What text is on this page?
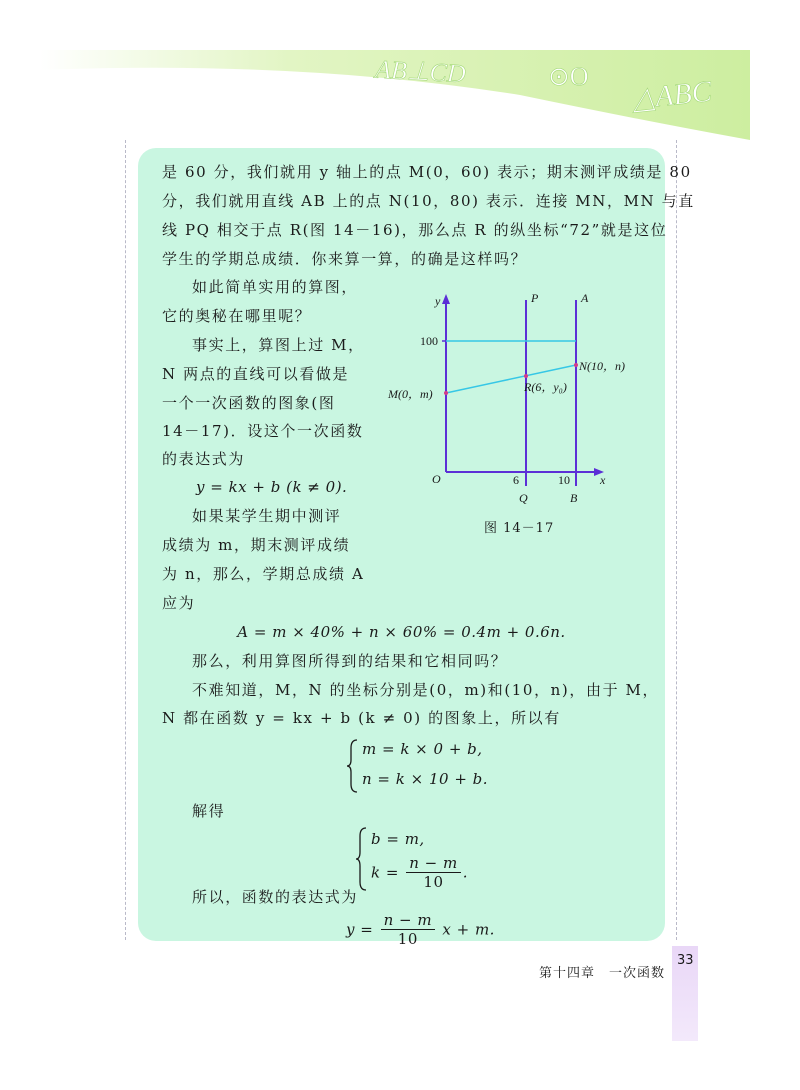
AB⊥CD	⊙O △ABC
是 60 分，我们就用 y 轴上的点 M(0，60) 表示；期末测评成绩是 80
分，我们就用直线 AB 上的点 N(10，80) 表示．连接 MN，MN 与直
线 PQ 相交于点 R(图 14－16)，那么点 R 的纵坐标“72”就是这位
学生的学期总成绩．你来算一算，的确是这样吗？
如此简单实用的算图，
它的奥秘在哪里呢？
事实上，算图上过 M，
N 两点的直线可以看做是
一个一次函数的图象(图
14－17)．设这个一次函数
的表达式为
y = kx + b (k ≠ 0).
如果某学生期中测评
成绩为 m，期末测评成绩
为 n，那么，学期总成绩 A
应为
A = m × 40% + n × 60% = 0.4m + 0.6n.
那么，利用算图所得到的结果和它相同吗？
不难知道，M，N 的坐标分别是(0，m)和(10，n)，由于 M，
N 都在函数 y = kx + b (k ≠ 0) 的图象上，所以有
m = k × 0 + b,
n = k × 10 + b.
解得
b = m,
$k = \frac{n - m}{10}$ .
所以，函数的表达式为
$y = \frac{n - m}{10}$ x + m.
y	P	A
100
N(10，n)
R(6，y₀)
M(0，m)
O	6	10	x
Q	B
图 14－17
第十四章　一次函数
33
